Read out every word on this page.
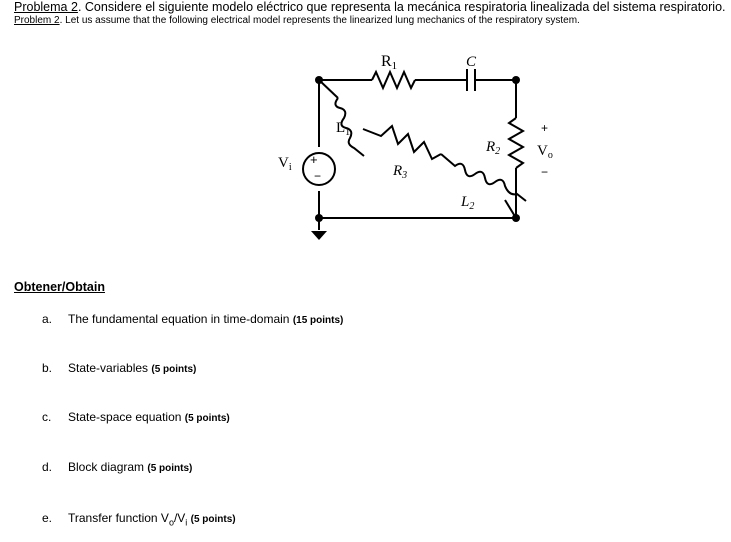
Problema 2. Considere el siguiente modelo eléctrico que representa la mecánica respiratoria linealizada del sistema respiratorio.
Problem 2. Let us assume that the following electrical model represents the linearized lung mechanics of the respiratory system.
+
−
R1	C
$L_1$
$R_2$
$R_3$
$L_2$
$V_i$
+
$V_o$
−
Obtener/Obtain
a. The fundamental equation in time-domain (15 points)
b. State-variables (5 points)
c. State-space equation (5 points)
d. Block diagram (5 points)
e. Transfer function $V_o/V_i$ (5 points)
